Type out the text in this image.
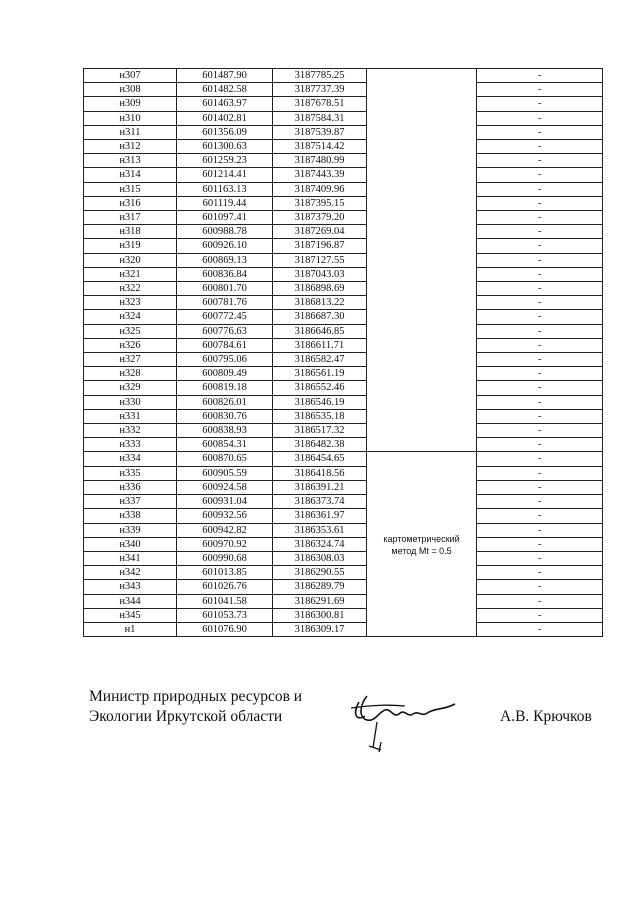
н307	601487.90	3187785.25		-
н308	601482.58	3187737.39		-
н309	601463.97	3187678.51		-
н310	601402.81	3187584.31		-
н311	601356.09	3187539.87		-
н312	601300.63	3187514.42		-
н313	601259.23	3187480.99		-
н314	601214.41	3187443.39		-
н315	601163.13	3187409.96		-
н316	601119.44	3187395.15		-
н317	601097.41	3187379.20		-
н318	600988.78	3187269.04		-
н319	600926.10	3187196.87		-
н320	600869.13	3187127.55		-
н321	600836.84	3187043.03		-
н322	600801.70	3186898.69		-
н323	600781.76	3186813.22		-
н324	600772.45	3186687.30		-
н325	600776.63	3186646.85		-
н326	600784.61	3186611.71		-
н327	600795.06	3186582.47		-
н328	600809.49	3186561.19		-
н329	600819.18	3186552.46		-
н330	600826.01	3186546.19		-
н331	600830.76	3186535.18		-
н332	600838.93	3186517.32		-
н333	600854.31	3186482.38		-
н334	600870.65	3186454.65	картометрический
метод Mt = 0.5	-
н335	600905.59	3186418.56		-
н336	600924.58	3186391.21		-
н337	600931.04	3186373.74		-
н338	600932.56	3186361.97		-
н339	600942.82	3186353.61		-
н340	600970.92	3186324.74		-
н341	600990.68	3186308.03		-
н342	601013.85	3186290.55		-
н343	601026.76	3186289.79		-
н344	601041.58	3186291.69		-
н345	601053.73	3186300.81		-
н1	601076.90	3186309.17		-
Министр природных ресурсов и
Экологии Иркутской области	А.В. Крючков
